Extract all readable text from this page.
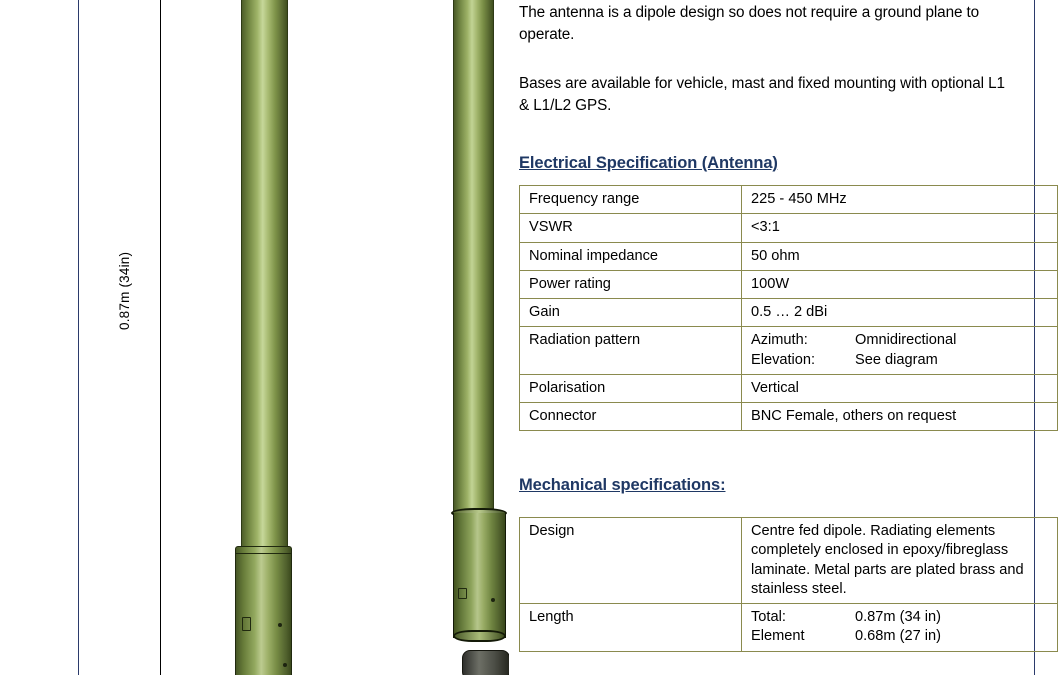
0.87m (34in)

The antenna is a dipole design so does not require a ground plane to operate.

Bases are available for vehicle, mast and fixed mounting with optional L1 & L1/L2 GPS.

Electrical Specification (Antenna)
Frequency range	225 - 450 MHz
VSWR	<3:1
Nominal impedance	50 ohm
Power rating	100W
Gain	0.5 … 2 dBi
Radiation pattern	Azimuth: Omnidirectional
Elevation: See diagram

Polarisation	Vertical
Connector	BNC Female, others on request
Mechanical specifications:
Design	Centre fed dipole. Radiating elements completely enclosed in epoxy/fibreglass laminate. Metal parts are plated brass and stainless steel.
Length	Total: 0.87m (34 in)
Element 0.68m (27 in)
